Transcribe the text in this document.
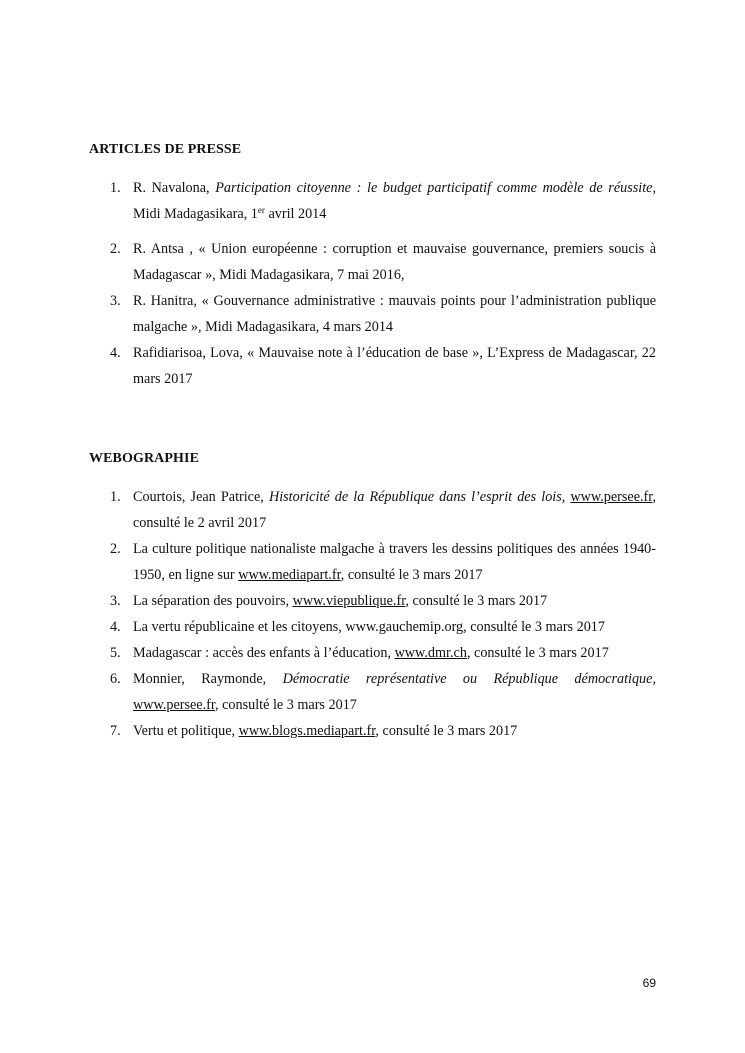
ARTICLES DE PRESSE
1. R. Navalona, Participation citoyenne : le budget participatif comme modèle de réussite, Midi Madagasikara, 1er avril 2014
2. R. Antsa , « Union européenne : corruption et mauvaise gouvernance, premiers soucis à Madagascar », Midi Madagasikara, 7 mai 2016,
3. R. Hanitra, « Gouvernance administrative : mauvais points pour l’administration publique malgache », Midi Madagasikara, 4 mars 2014
4. Rafidiarisoa, Lova, « Mauvaise note à l’éducation de base », L’Express de Madagascar, 22 mars 2017
WEBOGRAPHIE
1. Courtois, Jean Patrice, Historicité de la République dans l’esprit des lois, www.persee.fr, consulté le 2 avril 2017
2. La culture politique nationaliste malgache à travers les dessins politiques des années 1940- 1950, en ligne sur www.mediapart.fr, consulté le 3 mars 2017
3. La séparation des pouvoirs, www.viepublique.fr, consulté le 3 mars 2017
4. La vertu républicaine et les citoyens, www.gauchemip.org, consulté le 3 mars 2017
5. Madagascar : accès des enfants à l’éducation, www.dmr.ch, consulté le 3 mars 2017
6. Monnier, Raymonde, Démocratie représentative ou République démocratique, www.persee.fr, consulté le 3 mars 2017
7. Vertu et politique, www.blogs.mediapart.fr, consulté le 3 mars 2017
69
